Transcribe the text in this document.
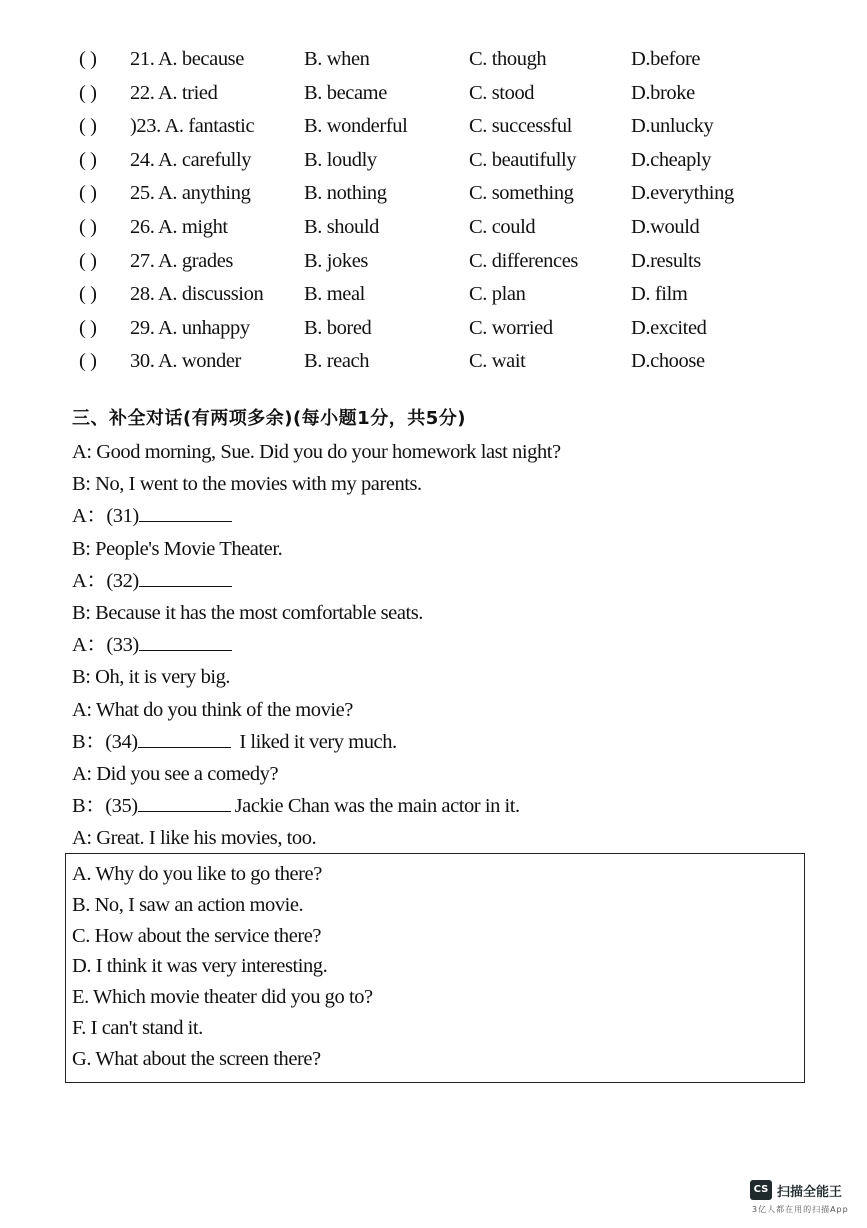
( ) 21. A. because	B. when	C. though	D.before
( ) 22. A. tried	B. became	C. stood	D.broke
( ) )23. A. fantastic B. wonderful	C. successful	D.unlucky
( ) 24. A. carefully	B. loudly	C. beautifully	D.cheaply
( ) 25. A. anything	B. nothing	C. something	D.everything
( ) 26. A. might	B. should	C. could	D.would
( ) 27. A. grades	B. jokes	C. differences	D.results
( ) 28. A. discussion B. meal	C. plan	D. film
( ) 29. A. unhappy	B. bored	C. worried	D.excited
( ) 30. A. wonder	B. reach	C. wait	D.choose
三、补全对话(有两项多余)(每小题1分，共5分)
A: Good morning, Sue. Did you do your homework last night?
B: No, I went to the movies with my parents.
A：(31)
B: People's Movie Theater.
A：(32)
B: Because it has the most comfortable seats.
A：(33)
B: Oh, it is very big.
A: What do you think of the movie?
B：(34)	I liked it very much.
A: Did you see a comedy?
B：(35)	Jackie Chan was the main actor in it.
A: Great. I like his movies, too.
A. Why do you like to go there?
B. No, I saw an action movie.
C. How about the service there?
D. I think it was very interesting.
E. Which movie theater did you go to?
F. I can't stand it.
G. What about the screen there?
CS 扫描全能王
3亿人都在用的扫描App
